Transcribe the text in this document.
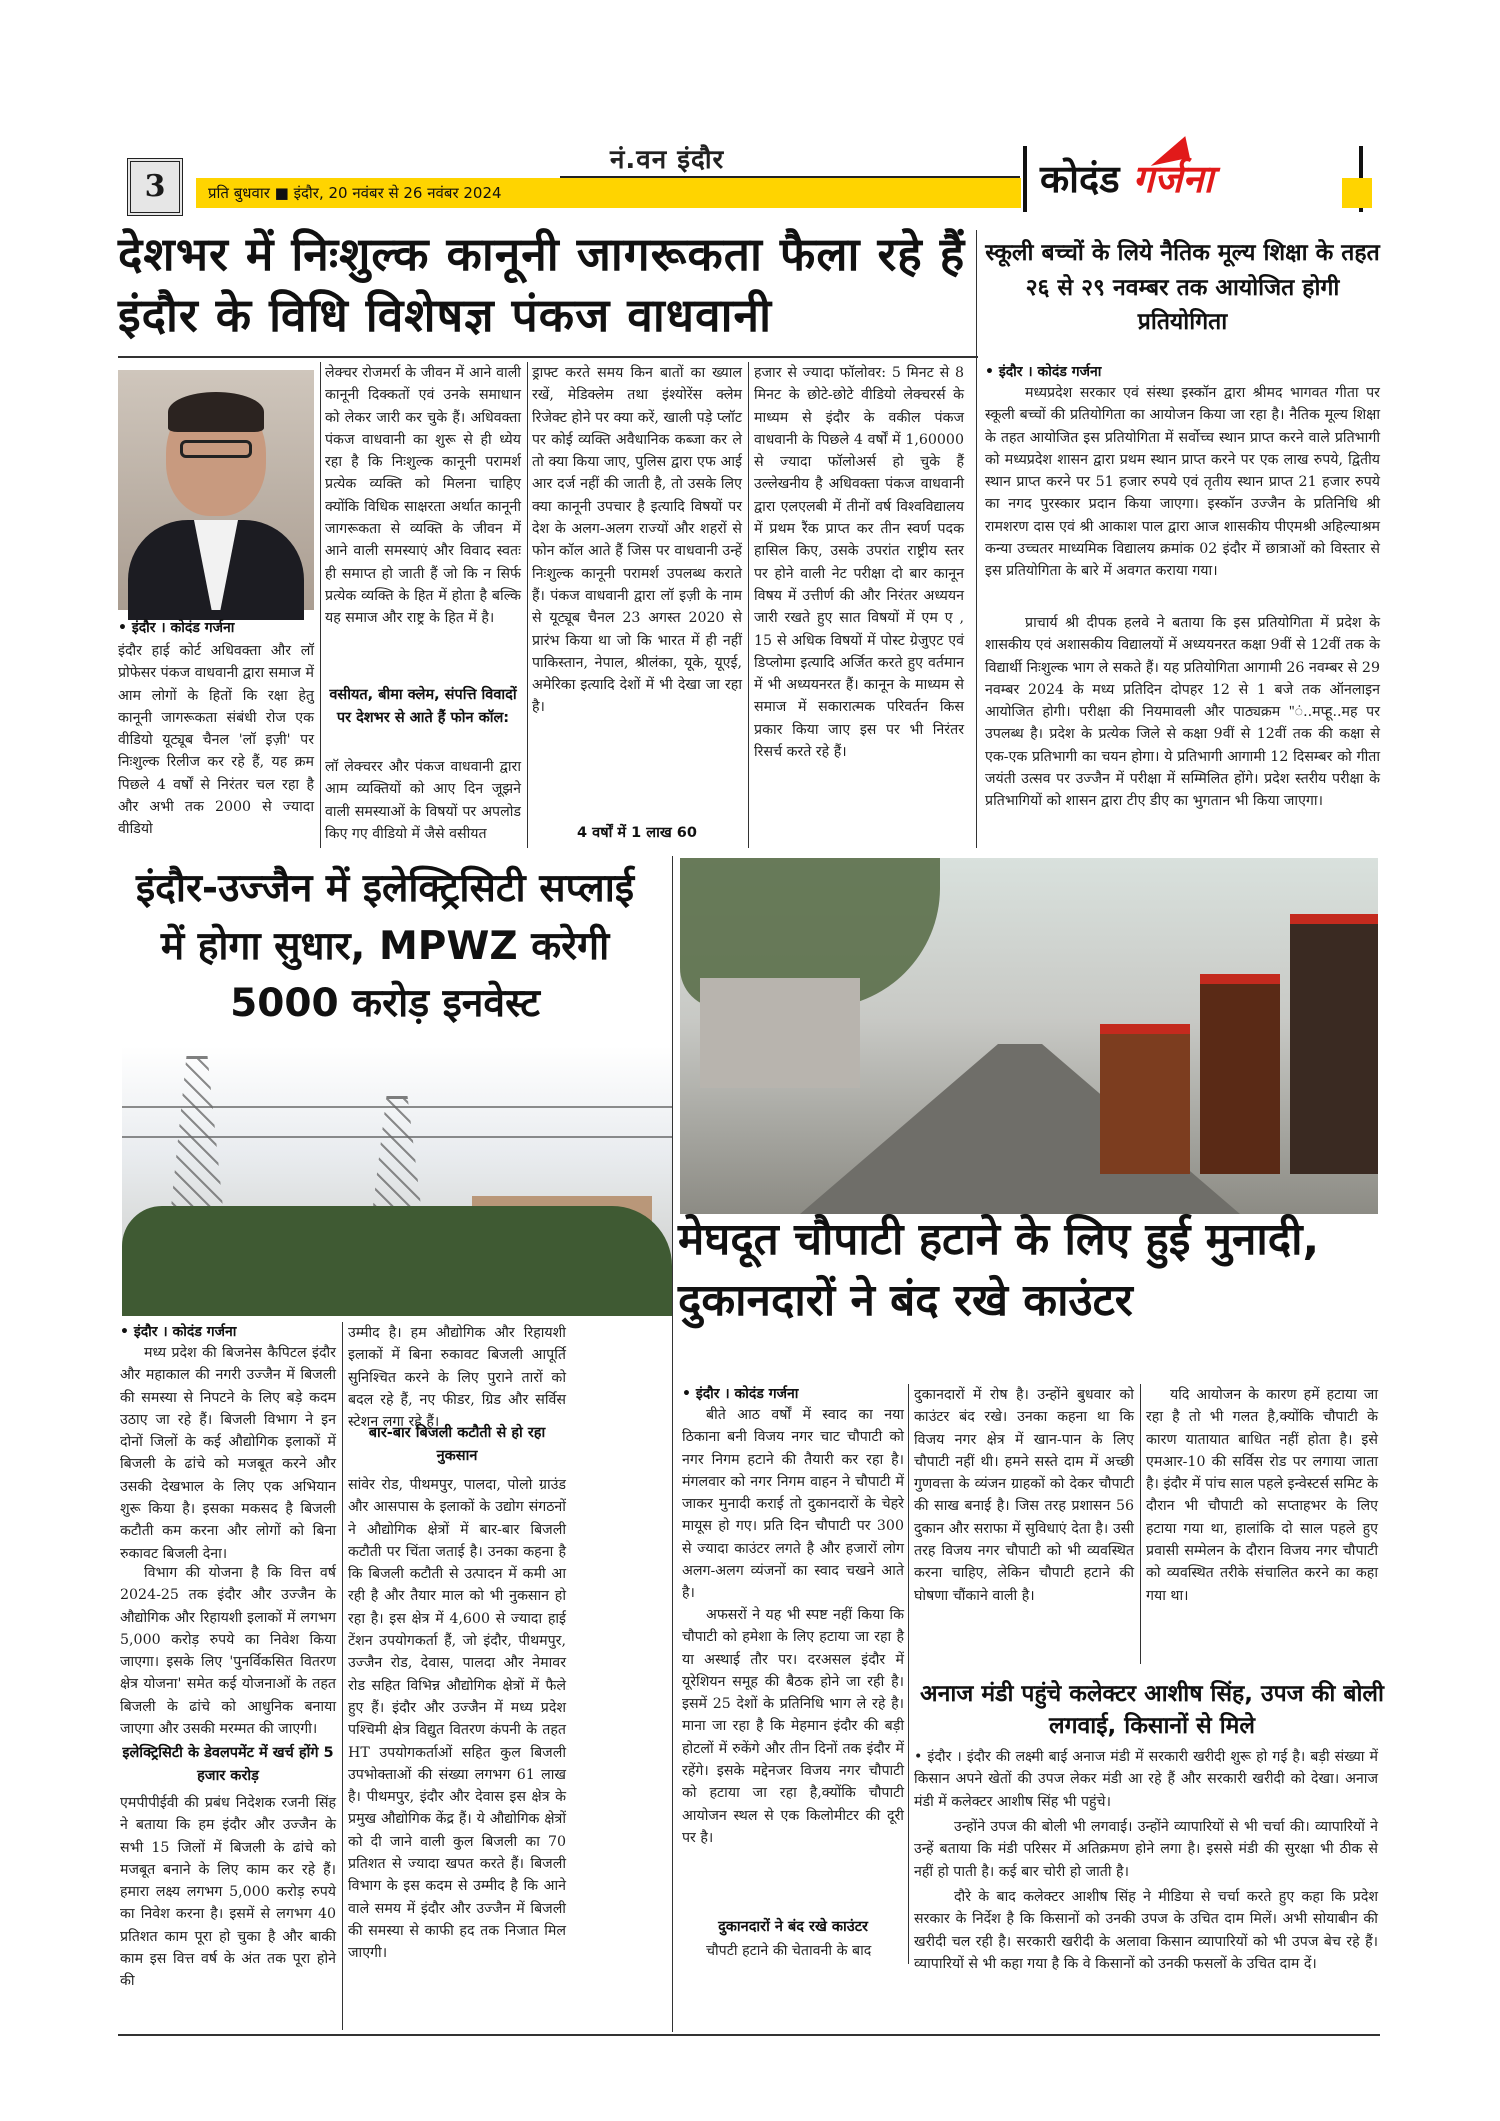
3	प्रति बुधवार ■ इंदौर, 20 नवंबर से 26 नवंबर 2024
नं.वन इंदौर	कोदंड गर्जना
देशभर में निःशुल्क कानूनी जागरूकता फैला रहे हैं इंदौर के विधि विशेषज्ञ पंकज वाधवानी
• इंदौर । कोदंड गर्जना
इंदौर हाई कोर्ट अधिवक्ता और लॉ प्रोफेसर पंकज वाधवानी द्वारा समाज में आम लोगों के हितों कि रक्षा हेतु कानूनी जागरूकता संबंधी रोज एक वीडियो यूट्यूब चैनल 'लॉ इज़ी' पर निःशुल्क रिलीज कर रहे हैं, यह क्रम पिछले 4 वर्षों से निरंतर चल रहा है और अभी तक 2000 से ज्यादा वीडियो
लेक्चर रोजमर्रा के जीवन में आने वाली कानूनी दिक्कतों एवं उनके समाधान को लेकर जारी कर चुके हैं। अधिवक्ता पंकज वाधवानी का शुरू से ही ध्येय रहा है कि निःशुल्क कानूनी परामर्श प्रत्येक व्यक्ति को मिलना चाहिए क्योंकि विधिक साक्षरता अर्थात कानूनी जागरूकता से व्यक्ति के जीवन में आने वाली समस्याएं और विवाद स्वतः ही समाप्त हो जाती हैं जो कि न सिर्फ प्रत्येक व्यक्ति के हित में होता है बल्कि यह समाज और राष्ट्र के हित में है।
वसीयत, बीमा क्लेम, संपत्ति विवादों पर देशभर से आते हैं फोन कॉल:
लॉ लेक्चरर और पंकज वाधवानी द्वारा आम व्यक्तियों को आए दिन जूझने वाली समस्याओं के विषयों पर अपलोड किए गए वीडियो में जैसे वसीयत
ड्राफ्ट करते समय किन बातों का ख्याल रखें, मेडिक्लेम तथा इंश्योरेंस क्लेम रिजेक्ट होने पर क्या करें, खाली पड़े प्लॉट पर कोई व्यक्ति अवैधानिक कब्जा कर ले तो क्या किया जाए, पुलिस द्वारा एफ आई आर दर्ज नहीं की जाती है, तो उसके लिए क्या कानूनी उपचार है इत्यादि विषयों पर देश के अलग-अलग राज्यों और शहरों से फोन कॉल आते हैं जिस पर वाधवानी उन्हें निःशुल्क कानूनी परामर्श उपलब्ध कराते हैं। पंकज वाधवानी द्वारा लॉ इज़ी के नाम से यूट्यूब चैनल 23 अगस्त 2020 से प्रारंभ किया था जो कि भारत में ही नहीं पाकिस्तान, नेपाल, श्रीलंका, यूके, यूएई, अमेरिका इत्यादि देशों में भी देखा जा रहा है।
4 वर्षों में 1 लाख 60
हजार से ज्यादा फॉलोवर: 5 मिनट से 8 मिनट के छोटे-छोटे वीडियो लेक्चरर्स के माध्यम से इंदौर के वकील पंकज वाधवानी के पिछले 4 वर्षों में 1,60000 से ज्यादा फॉलोअर्स हो चुके हैं उल्लेखनीय है अधिवक्ता पंकज वाधवानी द्वारा एलएलबी में तीनों वर्ष विश्वविद्यालय में प्रथम रैंक प्राप्त कर तीन स्वर्ण पदक हासिल किए, उसके उपरांत राष्ट्रीय स्तर पर होने वाली नेट परीक्षा दो बार कानून विषय में उत्तीर्ण की और निरंतर अध्ययन जारी रखते हुए सात विषयों में एम ए , 15 से अधिक विषयों में पोस्ट ग्रेजुएट एवं डिप्लोमा इत्यादि अर्जित करते हुए वर्तमान में भी अध्ययनरत हैं। कानून के माध्यम से समाज में सकारात्मक परिवर्तन किस प्रकार किया जाए इस पर भी निरंतर रिसर्च करते रहे हैं।
स्कूली बच्चों के लिये नैतिक मूल्य शिक्षा के तहत २६ से २९ नवम्बर तक आयोजित होगी प्रतियोगिता
• इंदौर । कोदंड गर्जना
मध्यप्रदेश सरकार एवं संस्था इस्कॉन द्वारा श्रीमद भागवत गीता पर स्कूली बच्चों की प्रतियोगिता का आयोजन किया जा रहा है। नैतिक मूल्य शिक्षा के तहत आयोजित इस प्रतियोगिता में सर्वोच्च स्थान प्राप्त करने वाले प्रतिभागी को मध्यप्रदेश शासन द्वारा प्रथम स्थान प्राप्त करने पर एक लाख रुपये, द्वितीय स्थान प्राप्त करने पर 51 हजार रुपये एवं तृतीय स्थान प्राप्त 21 हजार रुपये का नगद पुरस्कार प्रदान किया जाएगा। इस्कॉन उज्जैन के प्रतिनिधि श्री रामशरण दास एवं श्री आकाश पाल द्वारा आज शासकीय पीएमश्री अहिल्याश्रम कन्या उच्चतर माध्यमिक विद्यालय क्रमांक 02 इंदौर में छात्राओं को विस्तार से इस प्रतियोगिता के बारे में अवगत कराया गया।
प्राचार्य श्री दीपक हलवे ने बताया कि इस प्रतियोगिता में प्रदेश के शासकीय एवं अशासकीय विद्यालयों में अध्ययनरत कक्षा 9वीं से 12वीं तक के विद्यार्थी निःशुल्क भाग ले सकते हैं। यह प्रतियोगिता आगामी 26 नवम्बर से 29 नवम्बर 2024 के मध्य प्रतिदिन दोपहर 12 से 1 बजे तक ऑनलाइन आयोजित होगी। परीक्षा की नियमावली और पाठ्यक्रम "ं..मप्हू..मह पर उपलब्ध है। प्रदेश के प्रत्येक जिले से कक्षा 9वीं से 12वीं तक की कक्षा से एक-एक प्रतिभागी का चयन होगा। ये प्रतिभागी आगामी 12 दिसम्बर को गीता जयंती उत्सव पर उज्जैन में परीक्षा में सम्मिलित होंगे। प्रदेश स्तरीय परीक्षा के प्रतिभागियों को शासन द्वारा टीए डीए का भुगतान भी किया जाएगा।
इंदौर-उज्जैन में इलेक्ट्रिसिटी सप्लाई में होगा सुधार, MPWZ करेगी 5000 करोड़ इनवेस्ट
• इंदौर । कोदंड गर्जना
मध्य प्रदेश की बिजनेस कैपिटल इंदौर और महाकाल की नगरी उज्जैन में बिजली की समस्या से निपटने के लिए बड़े कदम उठाए जा रहे हैं। बिजली विभाग ने इन दोनों जिलों के कई औद्योगिक इलाकों में बिजली के ढांचे को मजबूत करने और उसकी देखभाल के लिए एक अभियान शुरू किया है। इसका मकसद है बिजली कटौती कम करना और लोगों को बिना रुकावट बिजली देना।
विभाग की योजना है कि वित्त वर्ष 2024-25 तक इंदौर और उज्जैन के औद्योगिक और रिहायशी इलाकों में लगभग 5,000 करोड़ रुपये का निवेश किया जाएगा। इसके लिए 'पुनर्विकसित वितरण क्षेत्र योजना' समेत कई योजनाओं के तहत बिजली के ढांचे को आधुनिक बनाया जाएगा और उसकी मरम्मत की जाएगी।
इलेक्ट्रिसिटी के डेवलपमेंट में खर्च होंगे 5 हजार करोड़
एमपीपीईवी की प्रबंध निदेशक रजनी सिंह ने बताया कि हम इंदौर और उज्जैन के सभी 15 जिलों में बिजली के ढांचे को मजबूत बनाने के लिए काम कर रहे हैं। हमारा लक्ष्य लगभग 5,000 करोड़ रुपये का निवेश करना है। इसमें से लगभग 40 प्रतिशत काम पूरा हो चुका है और बाकी काम इस वित्त वर्ष के अंत तक पूरा होने की
उम्मीद है। हम औद्योगिक और रिहायशी इलाकों में बिना रुकावट बिजली आपूर्ति सुनिश्चित करने के लिए पुराने तारों को बदल रहे हैं, नए फीडर, ग्रिड और सर्विस स्टेशन लगा रहे हैं।
बार-बार बिजली कटौती से हो रहा नुकसान
सांवेर रोड, पीथमपुर, पालदा, पोलो ग्राउंड और आसपास के इलाकों के उद्योग संगठनों ने औद्योगिक क्षेत्रों में बार-बार बिजली कटौती पर चिंता जताई है। उनका कहना है कि बिजली कटौती से उत्पादन में कमी आ रही है और तैयार माल को भी नुकसान हो रहा है। इस क्षेत्र में 4,600 से ज्यादा हाई टेंशन उपयोगकर्ता हैं, जो इंदौर, पीथमपुर, उज्जैन रोड, देवास, पालदा और नेमावर रोड सहित विभिन्न औद्योगिक क्षेत्रों में फैले हुए हैं। इंदौर और उज्जैन में मध्य प्रदेश पश्चिमी क्षेत्र विद्युत वितरण कंपनी के तहत HT उपयोगकर्ताओं सहित कुल बिजली उपभोक्ताओं की संख्या लगभग 61 लाख है। पीथमपुर, इंदौर और देवास इस क्षेत्र के प्रमुख औद्योगिक केंद्र हैं। ये औद्योगिक क्षेत्रों को दी जाने वाली कुल बिजली का 70 प्रतिशत से ज्यादा खपत करते हैं। बिजली विभाग के इस कदम से उम्मीद है कि आने वाले समय में इंदौर और उज्जैन में बिजली की समस्या से काफी हद तक निजात मिल जाएगी।
मेघदूत चौपाटी हटाने के लिए हुई मुनादी, दुकानदारों ने बंद रखे काउंटर
• इंदौर । कोदंड गर्जना
बीते आठ वर्षों में स्वाद का नया ठिकाना बनी विजय नगर चाट चौपाटी को नगर निगम हटाने की तैयारी कर रहा है। मंगलवार को नगर निगम वाहन ने चौपाटी में जाकर मुनादी कराई तो दुकानदारों के चेहरे मायूस हो गए। प्रति दिन चौपाटी पर 300 से ज्यादा काउंटर लगते है और हजारों लोग अलग-अलग व्यंजनों का स्वाद चखने आते है।
अफसरों ने यह भी स्पष्ट नहीं किया कि चौपाटी को हमेशा के लिए हटाया जा रहा है या अस्थाई तौर पर। दरअसल इंदौर में यूरेशियन समूह की बैठक होने जा रही है। इसमें 25 देशों के प्रतिनिधि भाग ले रहे है। माना जा रहा है कि मेहमान इंदौर की बड़ी होटलों में रुकेंगे और तीन दिनों तक इंदौर में रहेंगे। इसके मद्देनजर विजय नगर चौपाटी को हटाया जा रहा है,क्योंकि चौपाटी आयोजन स्थल से एक किलोमीटर की दूरी पर है।
दुकानदारों ने बंद रखे काउंटर
चौपटी हटाने की चेतावनी के बाद
दुकानदारों में रोष है। उन्होंने बुधवार को काउंटर बंद रखे। उनका कहना था कि विजय नगर क्षेत्र में खान-पान के लिए चौपाटी नहीं थी। हमने सस्ते दाम में अच्छी गुणवत्ता के व्यंजन ग्राहकों को देकर चौपाटी की साख बनाई है। जिस तरह प्रशासन 56 दुकान और सराफा में सुविधाएं देता है। उसी तरह विजय नगर चौपाटी को भी व्यवस्थित करना चाहिए, लेकिन चौपाटी हटाने की घोषणा चौंकाने वाली है।
यदि आयोजन के कारण हमें हटाया जा रहा है तो भी गलत है,क्योंकि चौपाटी के कारण यातायात बाधित नहीं होता है। इसे एमआर-10 की सर्विस रोड पर लगाया जाता है। इंदौर में पांच साल पहले इन्वेस्टर्स समिट के दौरान भी चौपाटी को सप्ताहभर के लिए हटाया गया था, हालांकि दो साल पहले हुए प्रवासी सम्मेलन के दौरान विजय नगर चौपाटी को व्यवस्थित तरीके संचालित करने का कहा गया था।
अनाज मंडी पहुंचे कलेक्टर आशीष सिंह, उपज की बोली लगवाई, किसानों से मिले
• इंदौर । इंदौर की लक्ष्मी बाई अनाज मंडी में सरकारी खरीदी शुरू हो गई है। बड़ी संख्या में किसान अपने खेतों की उपज लेकर मंडी आ रहे हैं और सरकारी खरीदी को देखा। अनाज मंडी में कलेक्टर आशीष सिंह भी पहुंचे।
उन्होंने उपज की बोली भी लगवाई। उन्होंने व्यापारियों से भी चर्चा की। व्यापारियों ने उन्हें बताया कि मंडी परिसर में अतिक्रमण होने लगा है। इससे मंडी की सुरक्षा भी ठीक से नहीं हो पाती है। कई बार चोरी हो जाती है।
दौरे के बाद कलेक्टर आशीष सिंह ने मीडिया से चर्चा करते हुए कहा कि प्रदेश सरकार के निर्देश है कि किसानों को उनकी उपज के उचित दाम मिलें। अभी सोयाबीन की खरीदी चल रही है। सरकारी खरीदी के अलावा किसान व्यापारियों को भी उपज बेच रहे हैं। व्यापारियों से भी कहा गया है कि वे किसानों को उनकी फसलों के उचित दाम दें।
